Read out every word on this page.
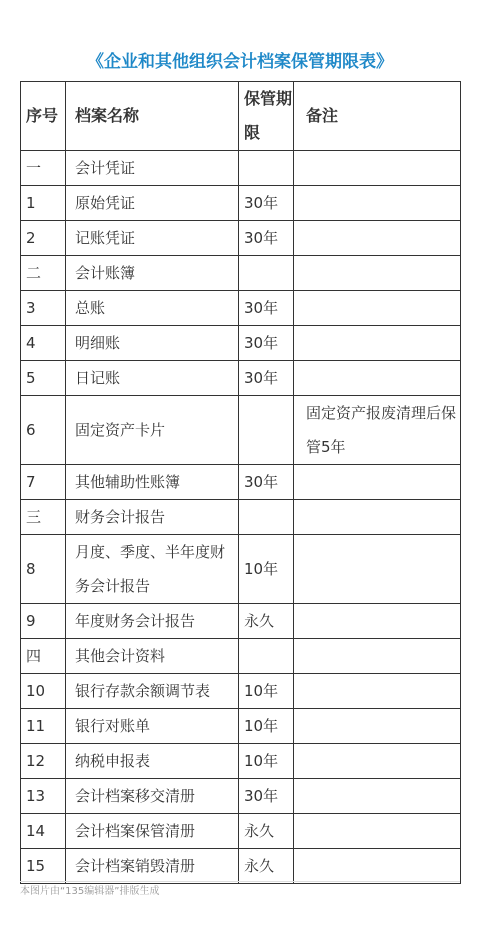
《企业和其他组织会计档案保管期限表》
序号	档案名称	保管期限	备注
一	会计凭证		
1	原始凭证	30年	
2	记账凭证	30年	
二	会计账簿		
3	总账	30年	
4	明细账	30年	
5	日记账	30年	
6	固定资产卡片		固定资产报废清理后保管5年
7	其他辅助性账簿	30年	
三	财务会计报告		
8	月度、季度、半年度财务会计报告	10年	
9	年度财务会计报告	永久	
四	其他会计资料		
10	银行存款余额调节表	10年	
11	银行对账单	10年	
12	纳税申报表	10年	
13	会计档案移交清册	30年	
14	会计档案保管清册	永久	
15	会计档案销毁清册	永久	
本图片由“135编辑器”排版生成
